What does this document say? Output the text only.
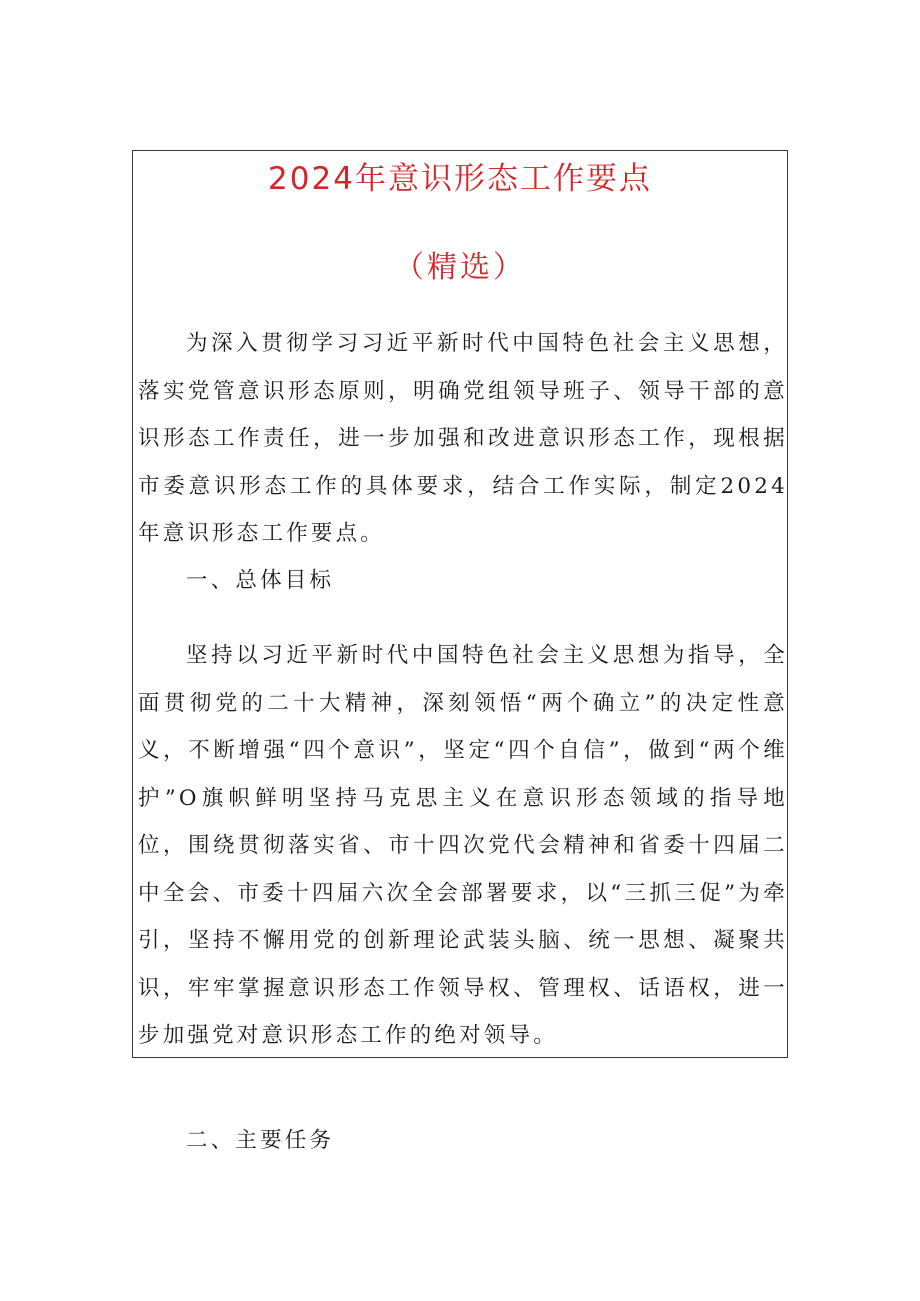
2024年意识形态工作要点
（精选）

为深入贯彻学习习近平新时代中国特色社会主义思想，落实党管意识形态原则，明确党组领导班子、领导干部的意识形态工作责任，进一步加强和改进意识形态工作，现根据市委意识形态工作的具体要求，结合工作实际，制定2024年意识形态工作要点。

一、总体目标

坚持以习近平新时代中国特色社会主义思想为指导，全面贯彻党的二十大精神，深刻领悟“两个确立”的决定性意义，不断增强“四个意识”，坚定“四个自信”，做到“两个维护”O旗帜鲜明坚持马克思主义在意识形态领域的指导地位，围绕贯彻落实省、市十四次党代会精神和省委十四届二中全会、市委十四届六次全会部署要求，以“三抓三促”为牵引，坚持不懈用党的创新理论武装头脑、统一思想、凝聚共识，牢牢掌握意识形态工作领导权、管理权、话语权，进一步加强党对意识形态工作的绝对领导。

二、主要任务
